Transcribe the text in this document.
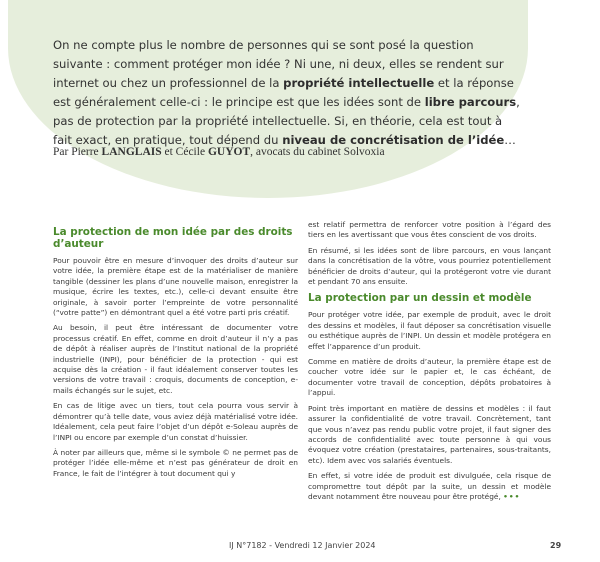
On ne compte plus le nombre de personnes qui se sont posé la question suivante : comment protéger mon idée ? Ni une, ni deux, elles se rendent sur internet ou chez un professionnel de la propriété intellectuelle et la réponse est généralement celle-ci : le principe est que les idées sont de libre parcours, pas de protection par la propriété intellectuelle. Si, en théorie, cela est tout à fait exact, en pratique, tout dépend du niveau de concrétisation de l’idée…

Par Pierre LANGLAIS et Cécile GUYOT, avocats du cabinet Solvoxia

La protection de mon idée par des droits d’auteur

Pour pouvoir être en mesure d’invoquer des droits d’auteur sur votre idée, la première étape est de la matérialiser de manière tangible (dessiner les plans d’une nouvelle maison, enregistrer la musique, écrire les textes, etc.), celle-ci devant ensuite être originale, à savoir porter l’empreinte de votre personnalité (“votre patte”) en démontrant quel a été votre parti pris créatif.

Au besoin, il peut être intéressant de documenter votre processus créatif. En effet, comme en droit d’auteur il n’y a pas de dépôt à réaliser auprès de l’Institut national de la propriété industrielle (INPI), pour bénéficier de la protection - qui est acquise dès la création - il faut idéalement conserver toutes les versions de votre travail : croquis, documents de conception, e-mails échangés sur le sujet, etc.

En cas de litige avec un tiers, tout cela pourra vous servir à démontrer qu’à telle date, vous aviez déjà matérialisé votre idée. Idéalement, cela peut faire l’objet d’un dépôt e-Soleau auprès de l’INPI ou encore par exemple d’un constat d’huissier.

À noter par ailleurs que, même si le symbole © ne permet pas de protéger l’idée elle-même et n’est pas générateur de droit en France, le fait de l’intégrer à tout document qui y

est relatif permettra de renforcer votre position à l’égard des tiers en les avertissant que vous êtes conscient de vos droits.

En résumé, si les idées sont de libre parcours, en vous lançant dans la concrétisation de la vôtre, vous pourriez potentiellement bénéficier de droits d’auteur, qui la protégeront votre vie durant et pendant 70 ans ensuite.

La protection par un dessin et modèle

Pour protéger votre idée, par exemple de produit, avec le droit des dessins et modèles, il faut déposer sa concrétisation visuelle ou esthétique auprès de l’INPI. Un dessin et modèle protégera en effet l’apparence d’un produit.

Comme en matière de droits d’auteur, la première étape est de coucher votre idée sur le papier et, le cas échéant, de documenter votre travail de conception, dépôts probatoires à l’appui.

Point très important en matière de dessins et modèles : il faut assurer la confidentialité de votre travail. Concrètement, tant que vous n’avez pas rendu public votre projet, il faut signer des accords de confidentialité avec toute personne à qui vous évoquez votre création (prestataires, partenaires, sous-traitants, etc). Idem avec vos salariés éventuels.

En effet, si votre idée de produit est divulguée, cela risque de compromettre tout dépôt par la suite, un dessin et modèle devant notamment être nouveau pour être protégé, •••

IJ N°7182 - Vendredi 12 Janvier 2024	29
